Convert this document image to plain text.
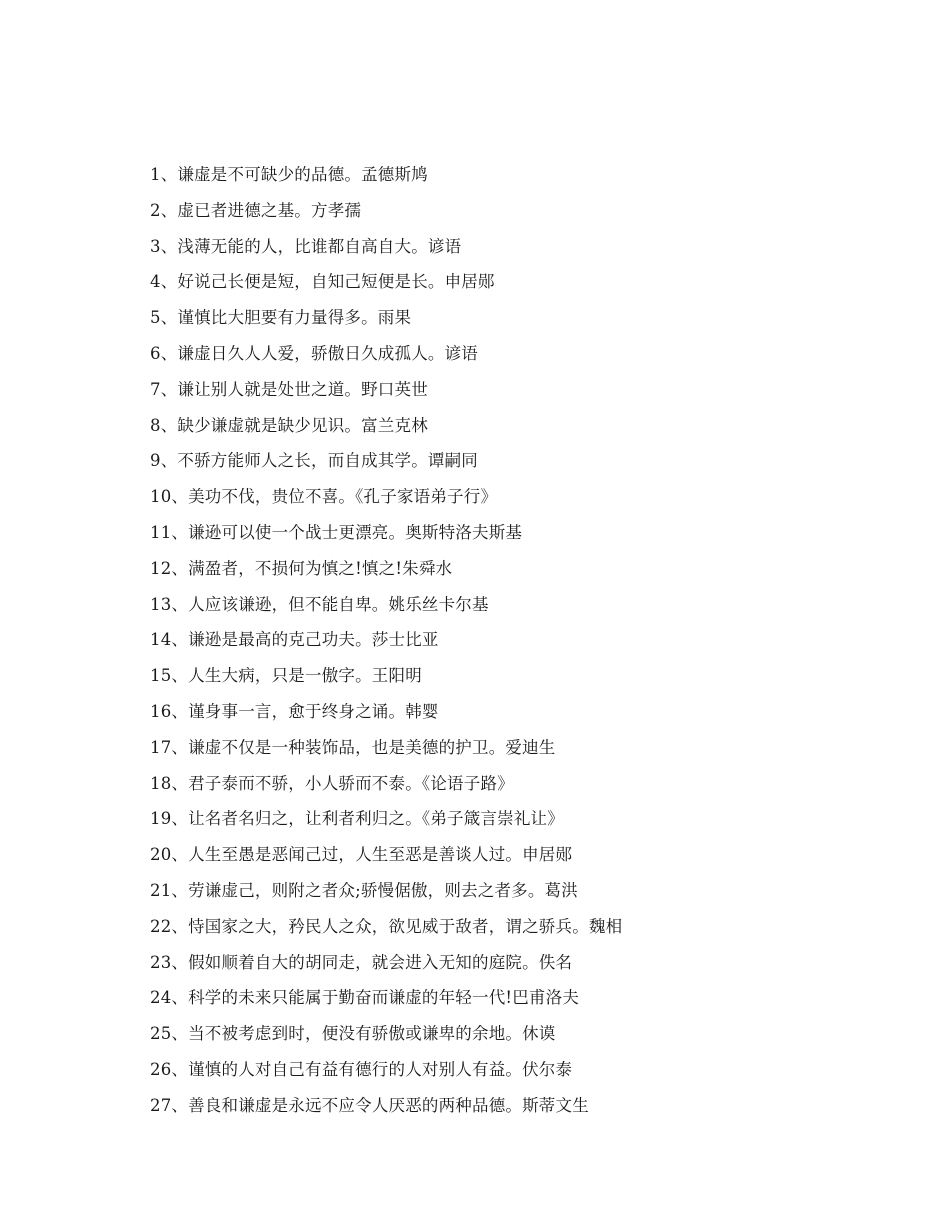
1、谦虚是不可缺少的品德。孟德斯鸠
2、虚已者进德之基。方孝孺
3、浅薄无能的人，比谁都自高自大。谚语
4、好说己长便是短，自知己短便是长。申居郧
5、谨慎比大胆要有力量得多。雨果
6、谦虚日久人人爱，骄傲日久成孤人。谚语
7、谦让别人就是处世之道。野口英世
8、缺少谦虚就是缺少见识。富兰克林
9、不骄方能师人之长，而自成其学。谭嗣同
10、美功不伐，贵位不喜。《孔子家语弟子行》
11、谦逊可以使一个战士更漂亮。奥斯特洛夫斯基
12、满盈者，不损何为慎之!慎之!朱舜水
13、人应该谦逊，但不能自卑。姚乐丝卡尔基
14、谦逊是最高的克己功夫。莎士比亚
15、人生大病，只是一傲字。王阳明
16、谨身事一言，愈于终身之诵。韩婴
17、谦虚不仅是一种装饰品，也是美德的护卫。爱迪生
18、君子泰而不骄，小人骄而不泰。《论语子路》
19、让名者名归之，让利者利归之。《弟子箴言崇礼让》
20、人生至愚是恶闻己过，人生至恶是善谈人过。申居郧
21、劳谦虚己，则附之者众;骄慢倨傲，则去之者多。葛洪
22、恃国家之大，矜民人之众，欲见威于敌者，谓之骄兵。魏相
23、假如顺着自大的胡同走，就会进入无知的庭院。佚名
24、科学的未来只能属于勤奋而谦虚的年轻一代!巴甫洛夫
25、当不被考虑到时，便没有骄傲或谦卑的余地。休谟
26、谨慎的人对自己有益有德行的人对别人有益。伏尔泰
27、善良和谦虚是永远不应令人厌恶的两种品德。斯蒂文生
